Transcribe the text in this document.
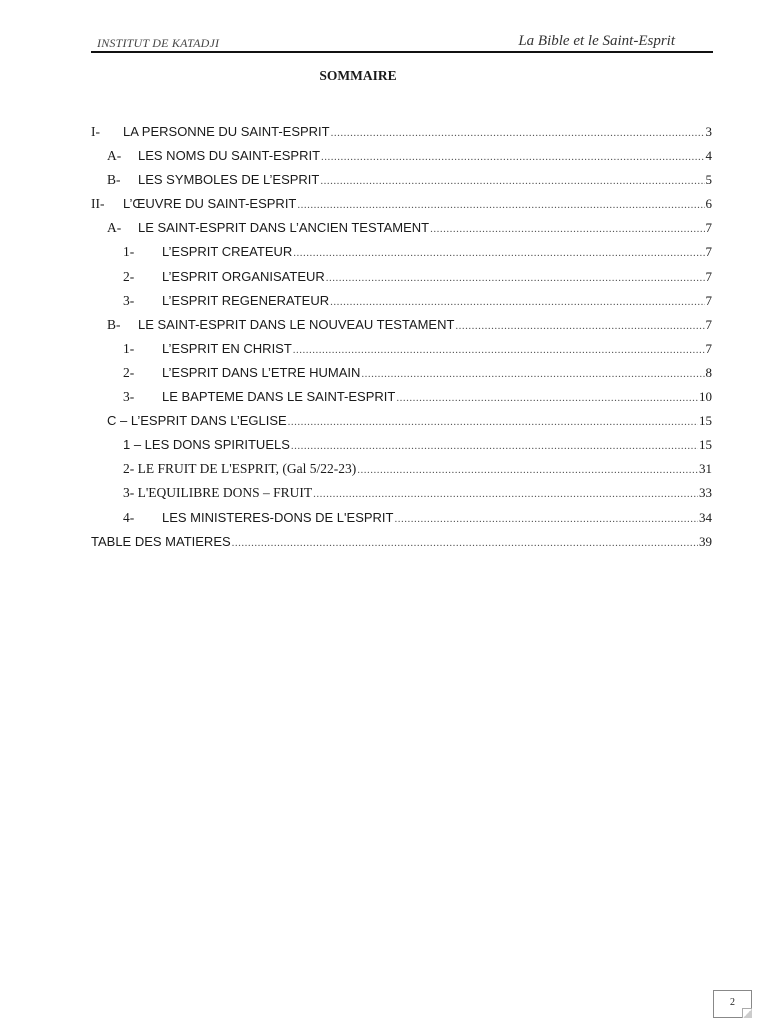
INSTITUT DE KATADJI	La Bible et le Saint-Esprit
SOMMAIRE
I-	LA PERSONNE DU SAINT-ESPRIT .....	3
A-	LES NOMS DU SAINT-ESPRIT .....	4
B-	LES SYMBOLES DE L’ESPRIT .....	5
II-	L’ŒUVRE DU SAINT-ESPRIT .....	6
A-	LE SAINT-ESPRIT DANS L’ANCIEN TESTAMENT .....	7
1-	L’ESPRIT CREATEUR .....	7
2-	L’ESPRIT ORGANISATEUR .....	7
3-	L’ESPRIT REGENERATEUR .....	7
B-	LE SAINT-ESPRIT DANS LE NOUVEAU TESTAMENT .....	7
1-	L’ESPRIT EN CHRIST .....	7
2-	L’ESPRIT DANS L’ETRE HUMAIN .....	8
3-	LE BAPTEME DANS LE SAINT-ESPRIT .....	10
C – L’ESPRIT DANS L’EGLISE .....	15
1 – LES DONS SPIRITUELS .....	15
2- LE FRUIT DE L'ESPRIT, (Gal 5/22-23) .....	31
3- L'EQUILIBRE DONS – FRUIT .....	33
4-	LES MINISTERES-DONS DE L'ESPRIT .....	34
TABLE DES MATIERES .....	39
2
